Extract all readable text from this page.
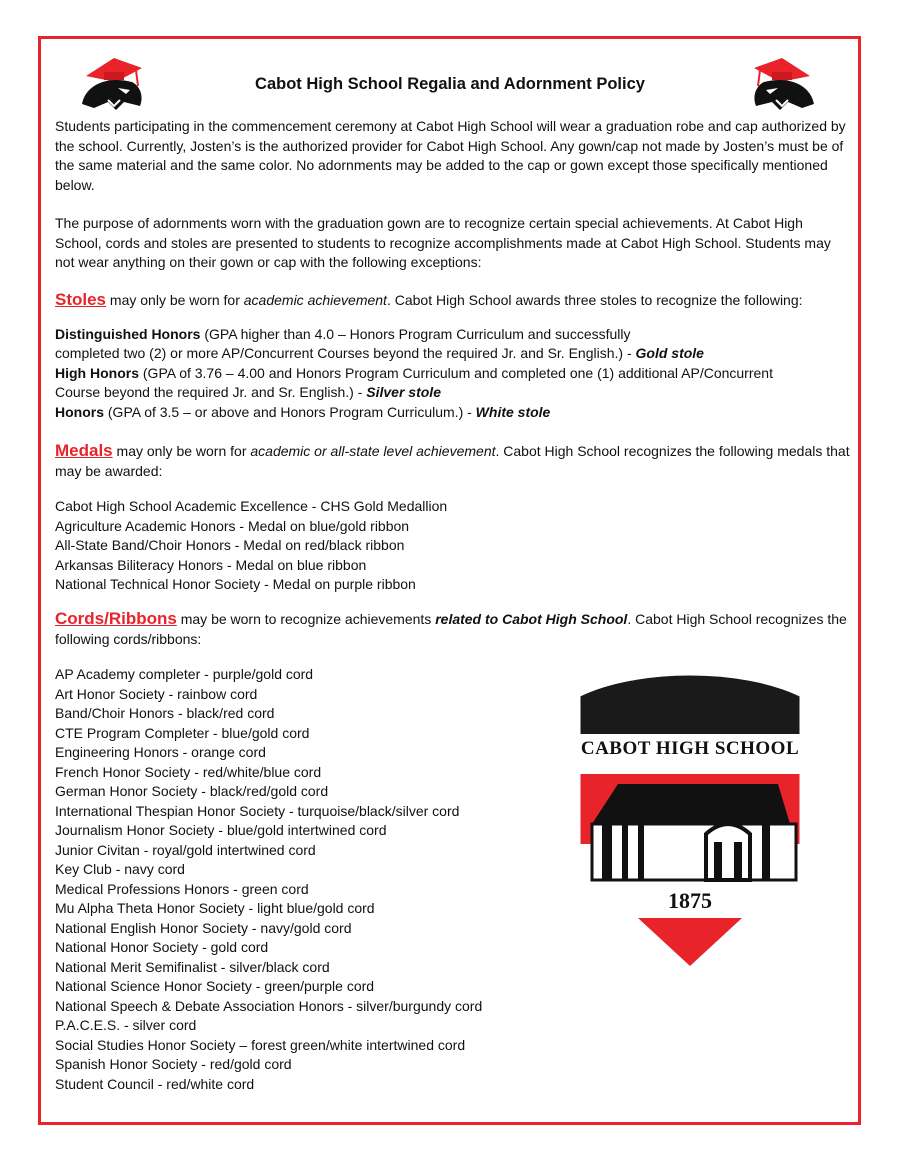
Cabot High School Regalia and Adornment Policy

Students participating in the commencement ceremony at Cabot High School will wear a graduation robe and cap authorized by the school. Currently, Josten’s is the authorized provider for Cabot High School. Any gown/cap not made by Josten’s must be of the same material and the same color. No adornments may be added to the cap or gown except those specifically mentioned below.

The purpose of adornments worn with the graduation gown are to recognize certain special achievements. At Cabot High School, cords and stoles are presented to students to recognize accomplishments made at Cabot High School. Students may not wear anything on their gown or cap with the following exceptions:

Stoles may only be worn for academic achievement. Cabot High School awards three stoles to recognize the following:

Distinguished Honors (GPA higher than 4.0 – Honors Program Curriculum and successfully
completed two (2) or more AP/Concurrent Courses beyond the required Jr. and Sr. English.) - Gold stole

High Honors (GPA of 3.76 – 4.00 and Honors Program Curriculum and completed one (1) additional AP/Concurrent
Course beyond the required Jr. and Sr. English.) - Silver stole

Honors (GPA of 3.5 – or above and Honors Program Curriculum.) - White stole

Medals may only be worn for academic or all-state level achievement. Cabot High School recognizes the following medals that may be awarded:

Cabot High School Academic Excellence - CHS Gold Medallion
Agriculture Academic Honors - Medal on blue/gold ribbon
All-State Band/Choir Honors - Medal on red/black ribbon
Arkansas Biliteracy Honors - Medal on blue ribbon
National Technical Honor Society - Medal on purple ribbon

Cords/Ribbons may be worn to recognize achievements related to Cabot High School. Cabot High School recognizes the following cords/ribbons:

AP Academy completer - purple/gold cord
Art Honor Society - rainbow cord
Band/Choir Honors - black/red cord
CTE Program Completer - blue/gold cord
Engineering Honors - orange cord
French Honor Society - red/white/blue cord
German Honor Society - black/red/gold cord
International Thespian Honor Society - turquoise/black/silver cord
Journalism Honor Society - blue/gold intertwined cord
Junior Civitan - royal/gold intertwined cord
Key Club - navy cord
Medical Professions Honors - green cord
Mu Alpha Theta Honor Society - light blue/gold cord
National English Honor Society - navy/gold cord
National Honor Society - gold cord
National Merit Semifinalist - silver/black cord
National Science Honor Society - green/purple cord
National Speech & Debate Association Honors - silver/burgundy cord
P.A.C.E.S. - silver cord
Social Studies Honor Society – forest green/white intertwined cord
Spanish Honor Society - red/gold cord
Student Council - red/white cord
CABOT HIGH SCHOOL
1875
